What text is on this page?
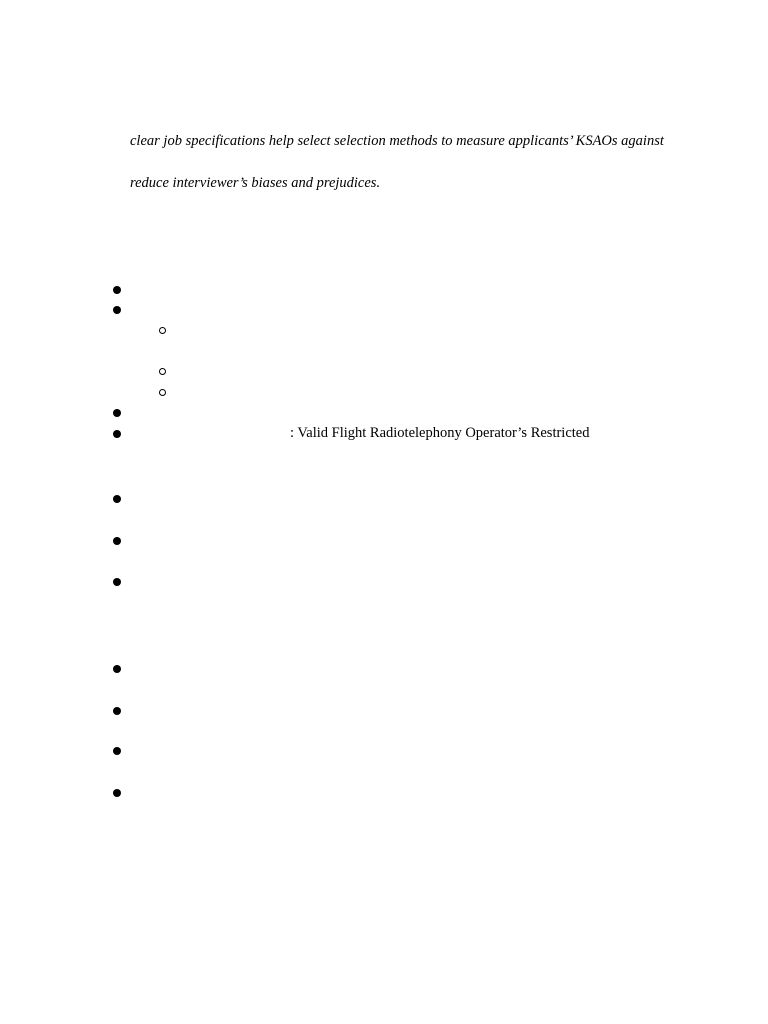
clear job specifications help select selection methods to measure applicants’ KSAOs against
reduce interviewer’s biases and prejudices.
: Valid Flight Radiotelephony Operator’s Restricted
